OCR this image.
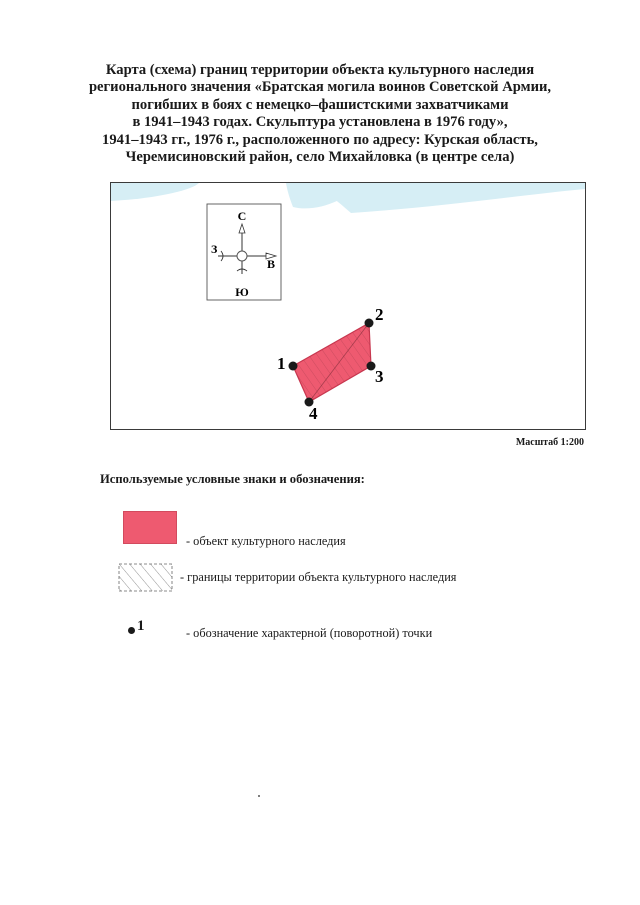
Карта (схема) границ территории объекта культурного наследия
регионального значения «Братская могила воинов Советской Армии,
погибших в боях с немецко–фашистскими захватчиками
в 1941–1943 годах. Скульптура установлена в 1976 году»,
1941–1943 гг., 1976 г., расположенного по адресу: Курская область,
Черемисиновский район, село Михайловка (в центре села)
С
Ю
З
В
1
2
3
4
Масштаб 1:200
Используемые условные знаки и обозначения:
- объект культурного наследия
- границы территории объекта культурного наследия
1	- обозначение характерной (поворотной) точки
